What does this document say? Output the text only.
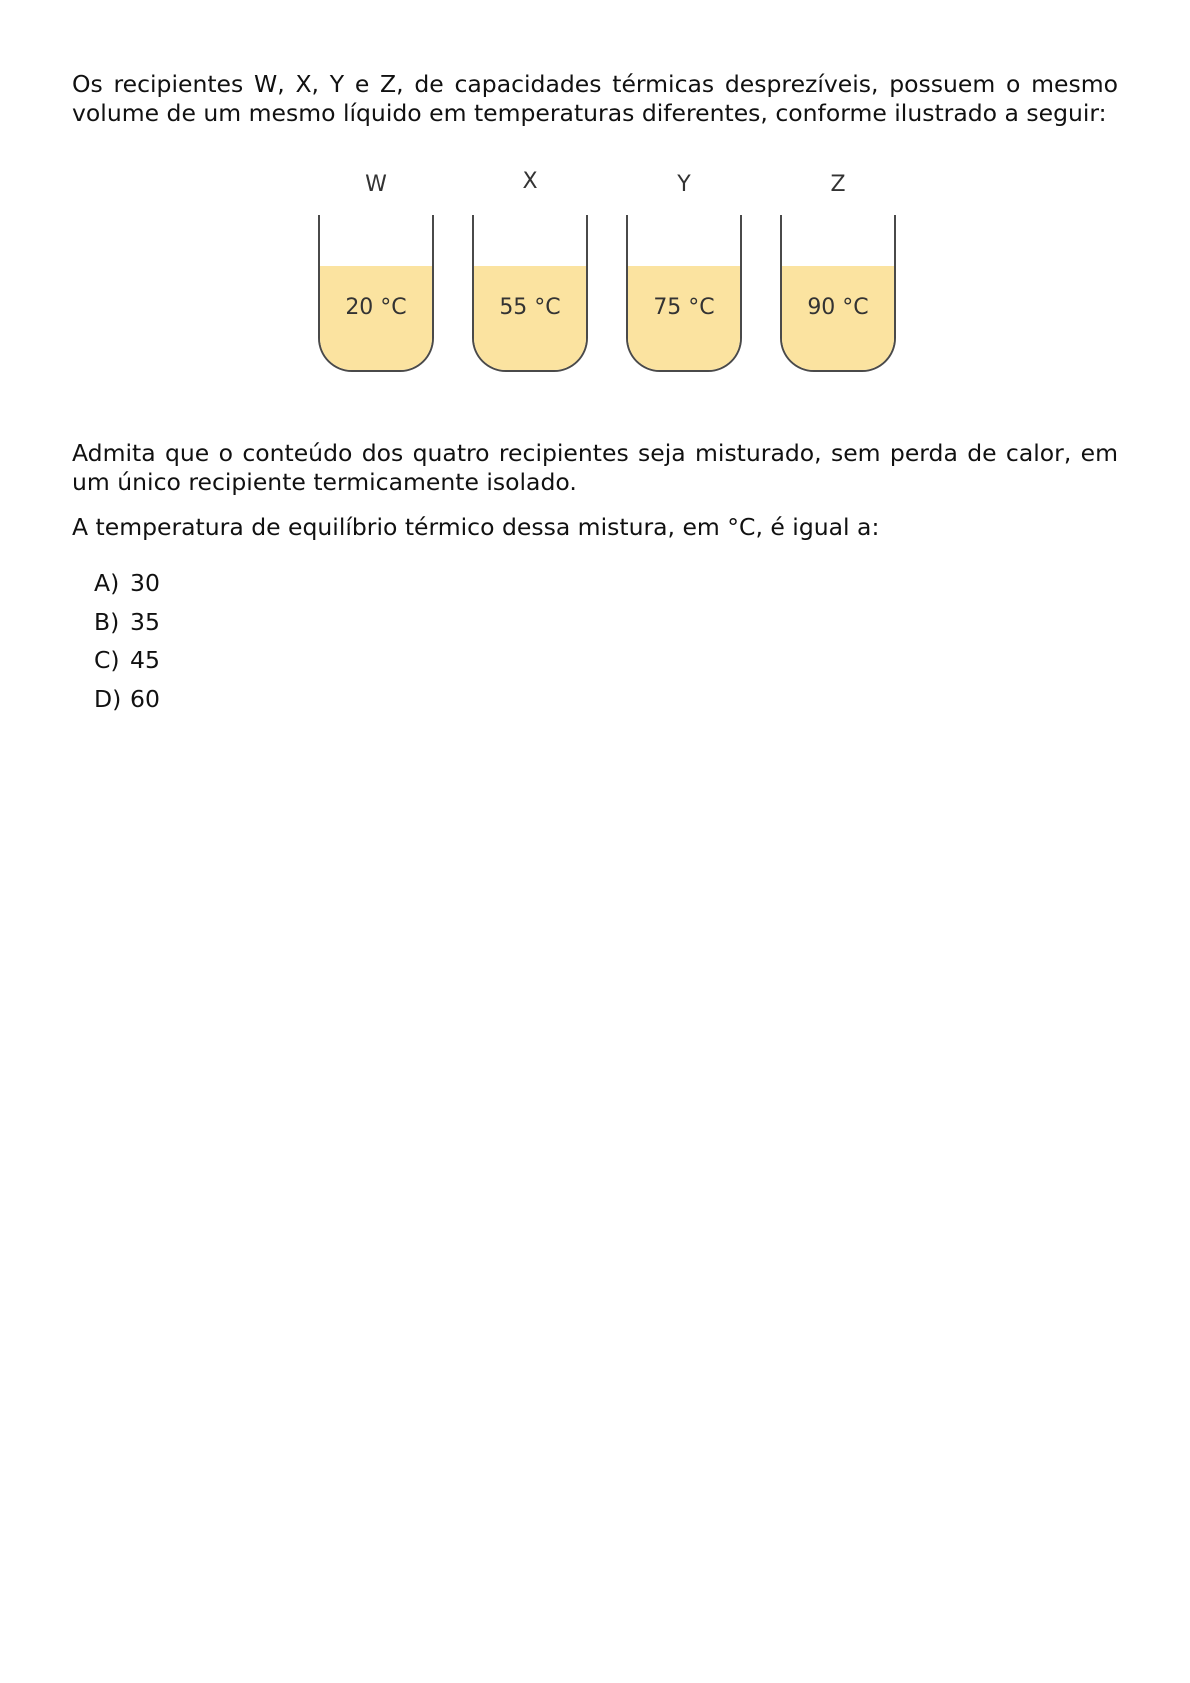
Os recipientes W, X, Y e Z, de capacidades térmicas desprezíveis, possuem o mesmo volume de um mesmo líquido em temperaturas diferentes, conforme ilustrado a seguir:

W
20 °C
X
55 °C
Y
75 °C
Z
90 °C

Admita que o conteúdo dos quatro recipientes seja misturado, sem perda de calor, em um único recipiente termicamente isolado.

A temperatura de equilíbrio térmico dessa mistura, em °C, é igual a:

A) 30
B) 35
C) 45
D) 60
